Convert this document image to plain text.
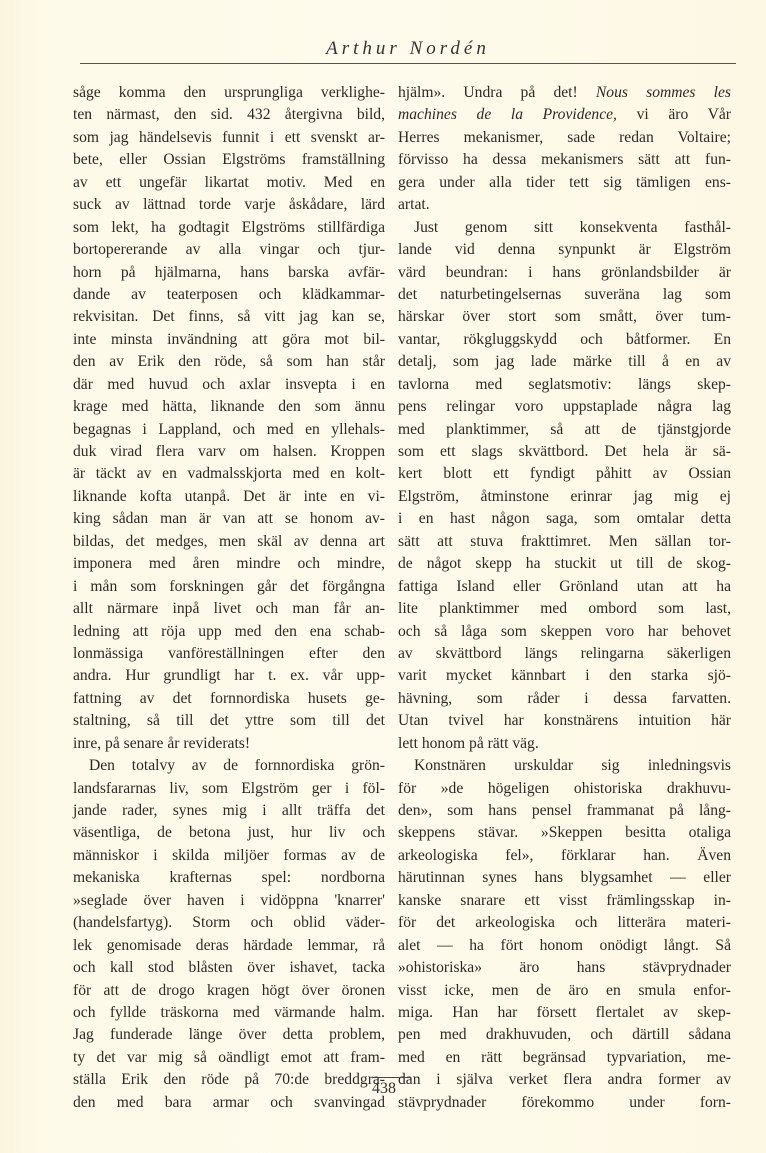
Arthur Nordén
såge komma den ursprungliga verklighe-
ten närmast, den sid. 432 återgivna bild,
som jag händelsevis funnit i ett svenskt ar-
bete, eller Ossian Elgströms framställning
av ett ungefär likartat motiv. Med en
suck av lättnad torde varje åskådare, lärd
som lekt, ha godtagit Elgströms stillfärdiga
bortopererande av alla vingar och tjur-
horn på hjälmarna, hans barska avfär-
dande av teaterposen och klädkammar-
rekvisitan. Det finns, så vitt jag kan se,
inte minsta invändning att göra mot bil-
den av Erik den röde, så som han står
där med huvud och axlar insvepta i en
krage med hätta, liknande den som ännu
begagnas i Lappland, och med en yllehals-
duk virad flera varv om halsen. Kroppen
är täckt av en vadmalsskjorta med en kolt-
liknande kofta utanpå. Det är inte en vi-
king sådan man är van att se honom av-
bildas, det medges, men skäl av denna art
imponera med åren mindre och mindre,
i mån som forskningen går det förgångna
allt närmare inpå livet och man får an-
ledning att röja upp med den ena schab-
lonmässiga vanföreställningen efter den
andra. Hur grundligt har t. ex. vår upp-
fattning av det fornnordiska husets ge-
staltning, så till det yttre som till det
inre, på senare år reviderats!
Den totalvy av de fornnordiska grön-
landsfararnas liv, som Elgström ger i föl-
jande rader, synes mig i allt träffa det
väsentliga, de betona just, hur liv och
människor i skilda miljöer formas av de
mekaniska krafternas spel: nordborna
»seglade över haven i vidöppna 'knarrer'
(handelsfartyg). Storm och oblid väder-
lek genomisade deras härdade lemmar, rå
och kall stod blåsten över ishavet, tacka
för att de drogo kragen högt över öronen
och fyllde träskorna med värmande halm.
Jag funderade länge över detta problem,
ty det var mig så oändligt emot att fram-
ställa Erik den röde på 70:de breddgra-
den med bara armar och svanvingad
hjälm». Undra på det! Nous sommes les
machines de la Providence, vi äro Vår
Herres mekanismer, sade redan Voltaire;
förvisso ha dessa mekanismers sätt att fun-
gera under alla tider tett sig tämligen ens-
artat.
Just genom sitt konsekventa fasthål-
lande vid denna synpunkt är Elgström
värd beundran: i hans grönlandsbilder är
det naturbetingelsernas suveräna lag som
härskar över stort som smått, över tum-
vantar, rökgluggskydd och båtformer. En
detalj, som jag lade märke till å en av
tavlorna med seglatsmotiv: längs skep-
pens relingar voro uppstaplade några lag
med planktimmer, så att de tjänstgjorde
som ett slags skvättbord. Det hela är sä-
kert blott ett fyndigt påhitt av Ossian
Elgström, åtminstone erinrar jag mig ej
i en hast någon saga, som omtalar detta
sätt att stuva frakttimret. Men sällan tor-
de något skepp ha stuckit ut till de skog-
fattiga Island eller Grönland utan att ha
lite planktimmer med ombord som last,
och så låga som skeppen voro har behovet
av skvättbord längs relingarna säkerligen
varit mycket kännbart i den starka sjö-
hävning, som råder i dessa farvatten.
Utan tvivel har konstnärens intuition här
lett honom på rätt väg.
Konstnären urskuldar sig inledningsvis
för »de högeligen ohistoriska drakhuvu-
den», som hans pensel frammanat på lång-
skeppens stävar. »Skeppen besitta otaliga
arkeologiska fel», förklarar han. Även
härutinnan synes hans blygsamhet — eller
kanske snarare ett visst främlingsskap in-
för det arkeologiska och litterära materi-
alet — ha fört honom onödigt långt. Så
»ohistoriska» äro hans stävprydnader
visst icke, men de äro en smula enfor-
miga. Han har försett flertalet av skep-
pen med drakhuvuden, och därtill sådana
med en rätt begränsad typvariation, me-
dan i själva verket flera andra former av
stävprydnader förekommo under forn-
438
